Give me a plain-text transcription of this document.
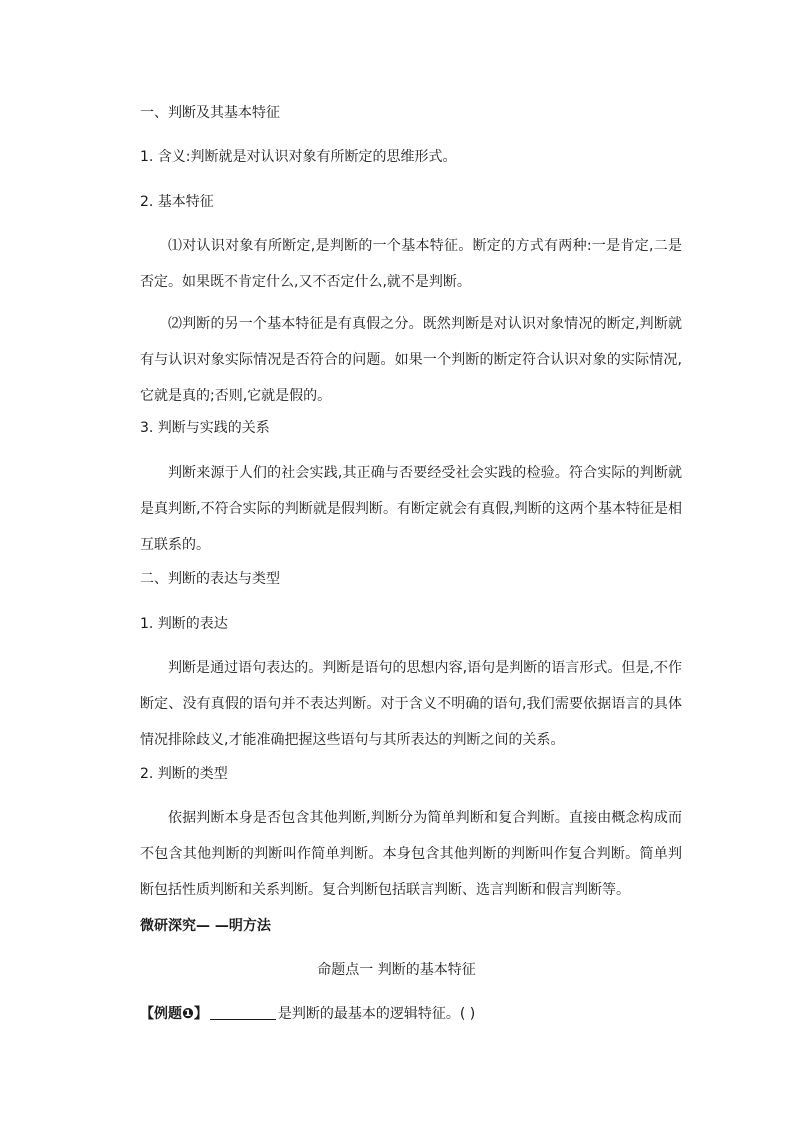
一、判断及其基本特征
1. 含义:判断就是对认识对象有所断定的思维形式。
2. 基本特征
⑴对认识对象有所断定,是判断的一个基本特征。断定的方式有两种:一是肯定,二是否定。如果既不肯定什么,又不否定什么,就不是判断。
⑵判断的另一个基本特征是有真假之分。既然判断是对认识对象情况的断定,判断就有与认识对象实际情况是否符合的问题。如果一个判断的断定符合认识对象的实际情况,它就是真的;否则,它就是假的。
3. 判断与实践的关系
判断来源于人们的社会实践,其正确与否要经受社会实践的检验。符合实际的判断就是真判断,不符合实际的判断就是假判断。有断定就会有真假,判断的这两个基本特征是相互联系的。
二、判断的表达与类型
1. 判断的表达
判断是通过语句表达的。判断是语句的思想内容,语句是判断的语言形式。但是,不作断定、没有真假的语句并不表达判断。对于含义不明确的语句,我们需要依据语言的具体情况排除歧义,才能准确把握这些语句与其所表达的判断之间的关系。
2. 判断的类型
依据判断本身是否包含其他判断,判断分为简单判断和复合判断。直接由概念构成而不包含其他判断的判断叫作简单判断。本身包含其他判断的判断叫作复合判断。简单判断包括性质判断和关系判断。复合判断包括联言判断、选言判断和假言判断等。
微研深究— —明方法
命题点一 判断的基本特征
【例题❶】	是判断的最基本的逻辑特征。( )
